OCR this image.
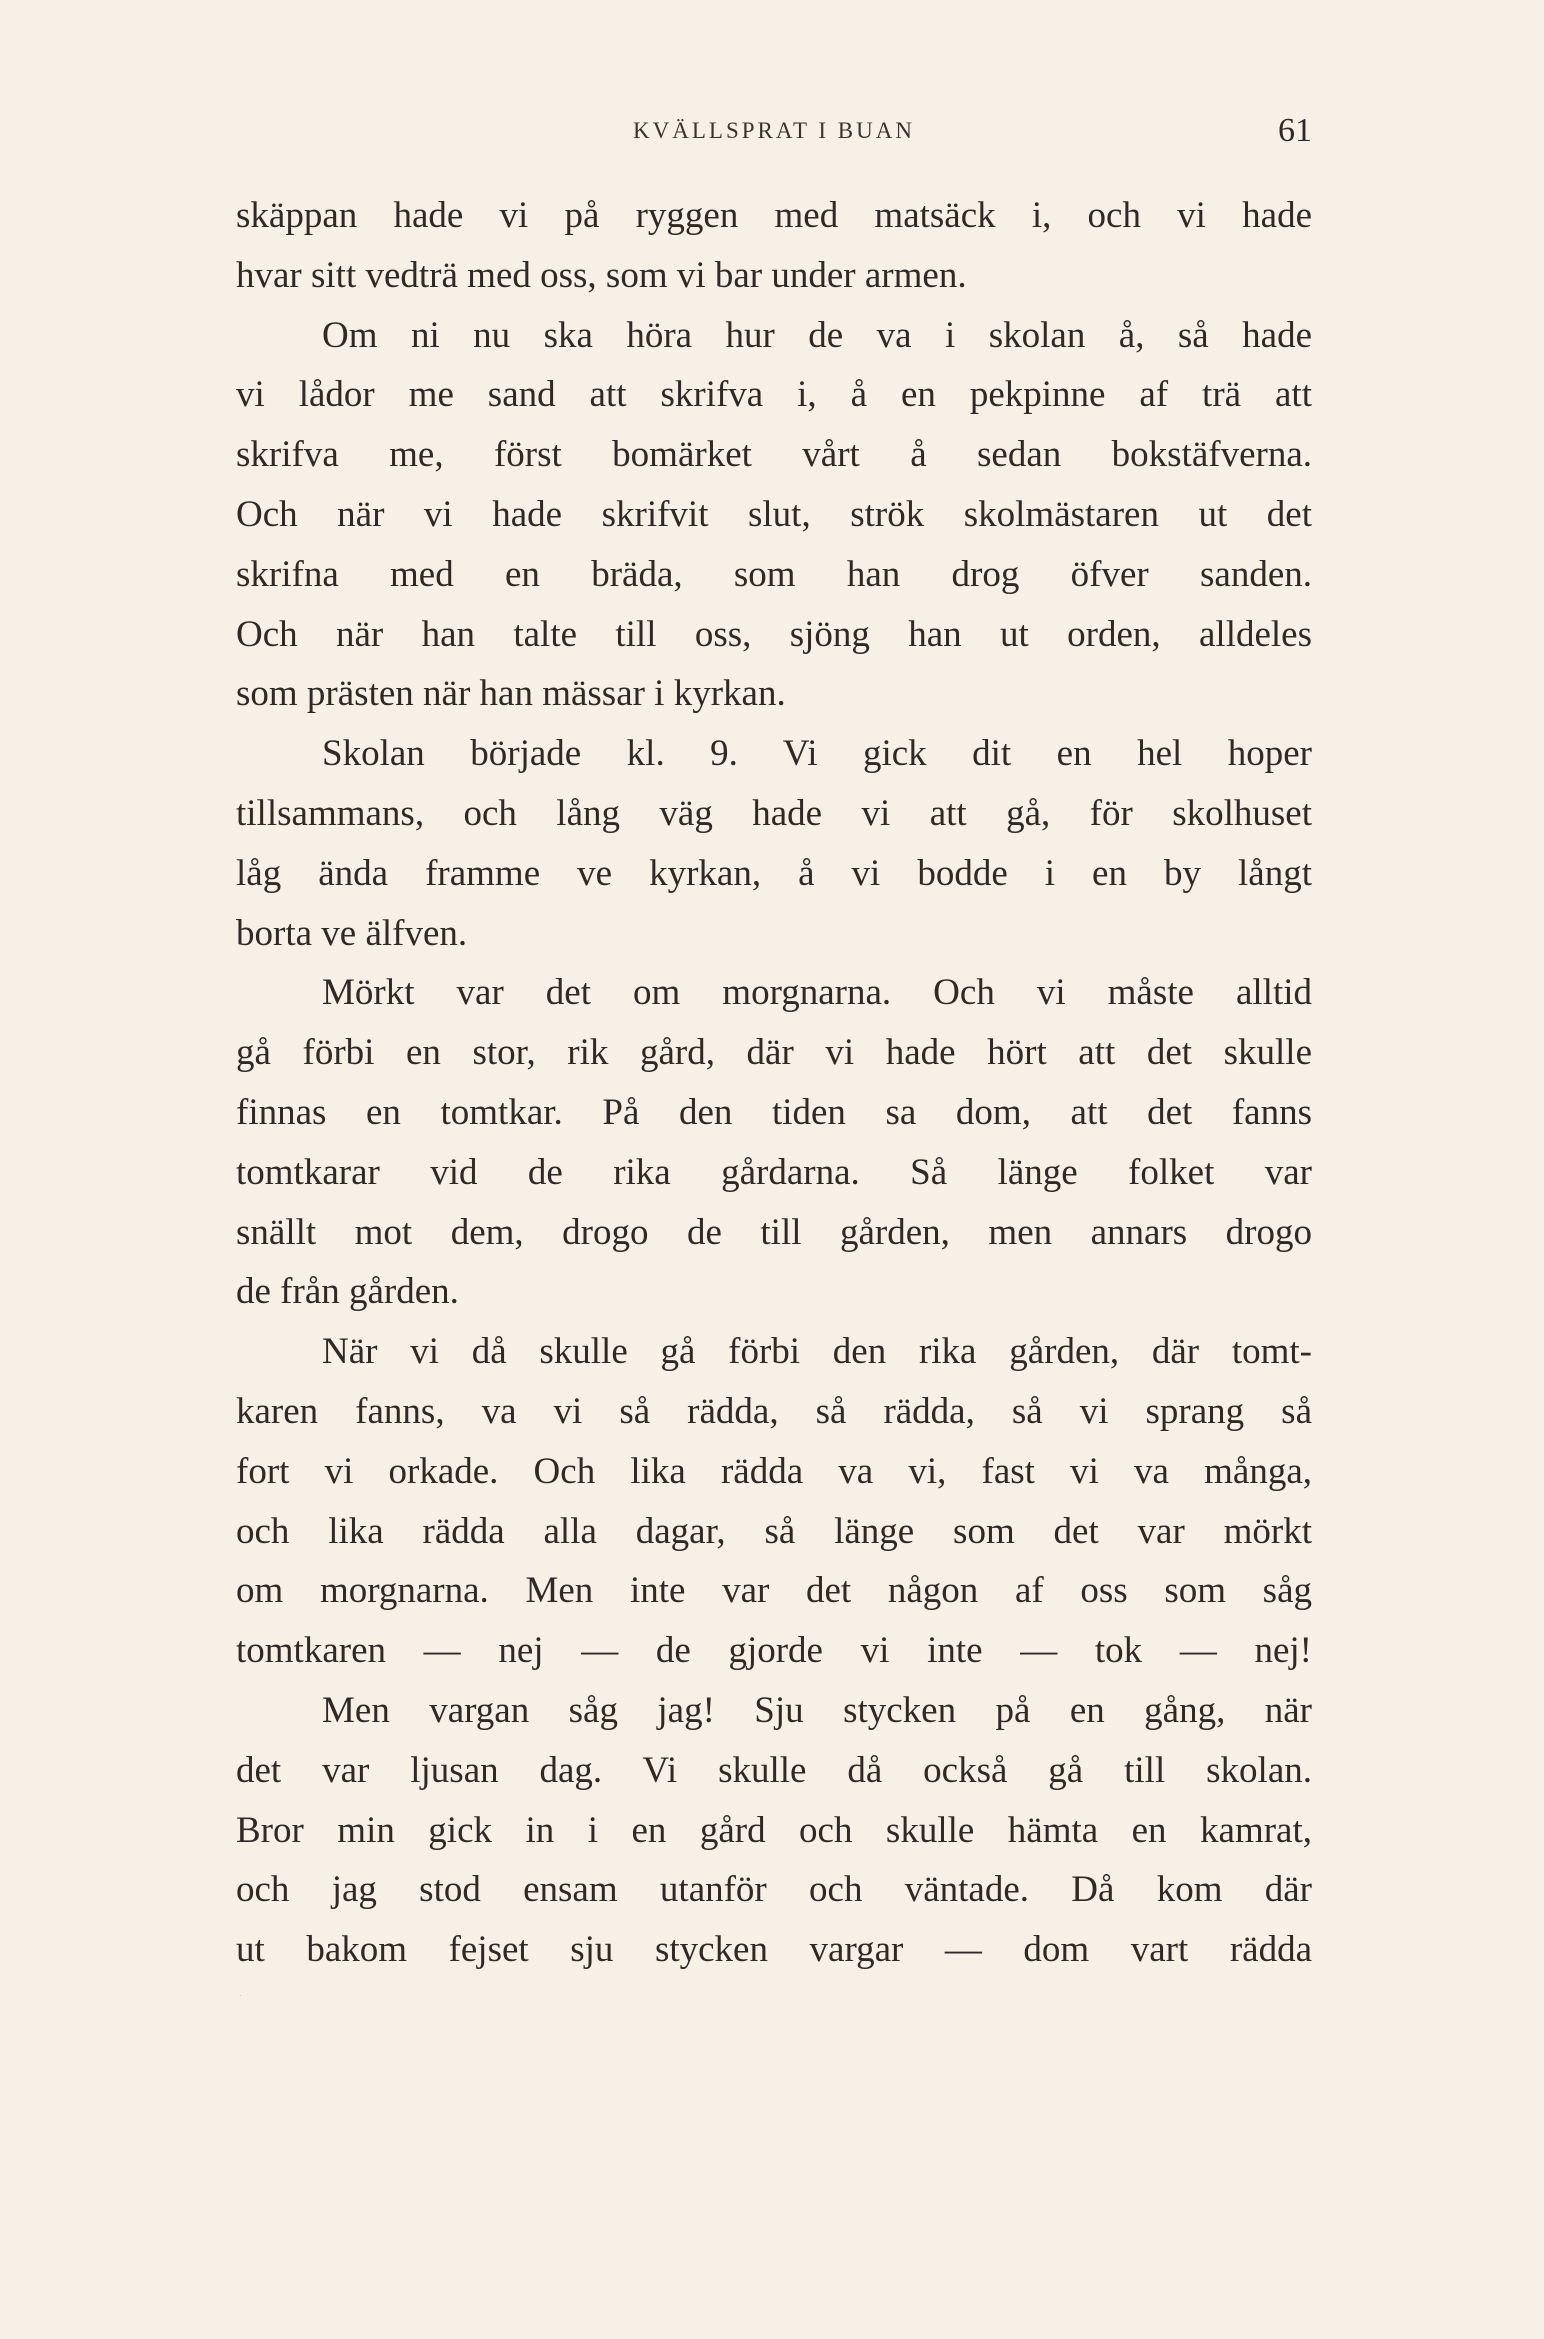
KVÄLLSPRAT I BUAN	61
skäppan hade vi på ryggen med matsäck i, och vi hade
hvar sitt vedträ med oss, som vi bar under armen.
Om ni nu ska höra hur de va i skolan å, så hade
vi lådor me sand att skrifva i, å en pekpinne af trä att
skrifva me, först bomärket vårt å sedan bokstäfverna.
Och när vi hade skrifvit slut, strök skolmästaren ut det
skrifna med en bräda, som han drog öfver sanden.
Och när han talte till oss, sjöng han ut orden, alldeles
som prästen när han mässar i kyrkan.
Skolan började kl. 9. Vi gick dit en hel hoper
tillsammans, och lång väg hade vi att gå, för skolhuset
låg ända framme ve kyrkan, å vi bodde i en by långt
borta ve älfven.
Mörkt var det om morgnarna. Och vi måste alltid
gå förbi en stor, rik gård, där vi hade hört att det skulle
finnas en tomtkar. På den tiden sa dom, att det fanns
tomtkarar vid de rika gårdarna. Så länge folket var
snällt mot dem, drogo de till gården, men annars drogo
de från gården.
När vi då skulle gå förbi den rika gården, där tomt-
karen fanns, va vi så rädda, så rädda, så vi sprang så
fort vi orkade. Och lika rädda va vi, fast vi va många,
och lika rädda alla dagar, så länge som det var mörkt
om morgnarna. Men inte var det någon af oss som såg
tomtkaren — nej — de gjorde vi inte — tok — nej!
Men vargan såg jag! Sju stycken på en gång, när
det var ljusan dag. Vi skulle då också gå till skolan.
Bror min gick in i en gård och skulle hämta en kamrat,
och jag stod ensam utanför och väntade. Då kom där
ut bakom fejset sju stycken vargar — dom vart rädda
